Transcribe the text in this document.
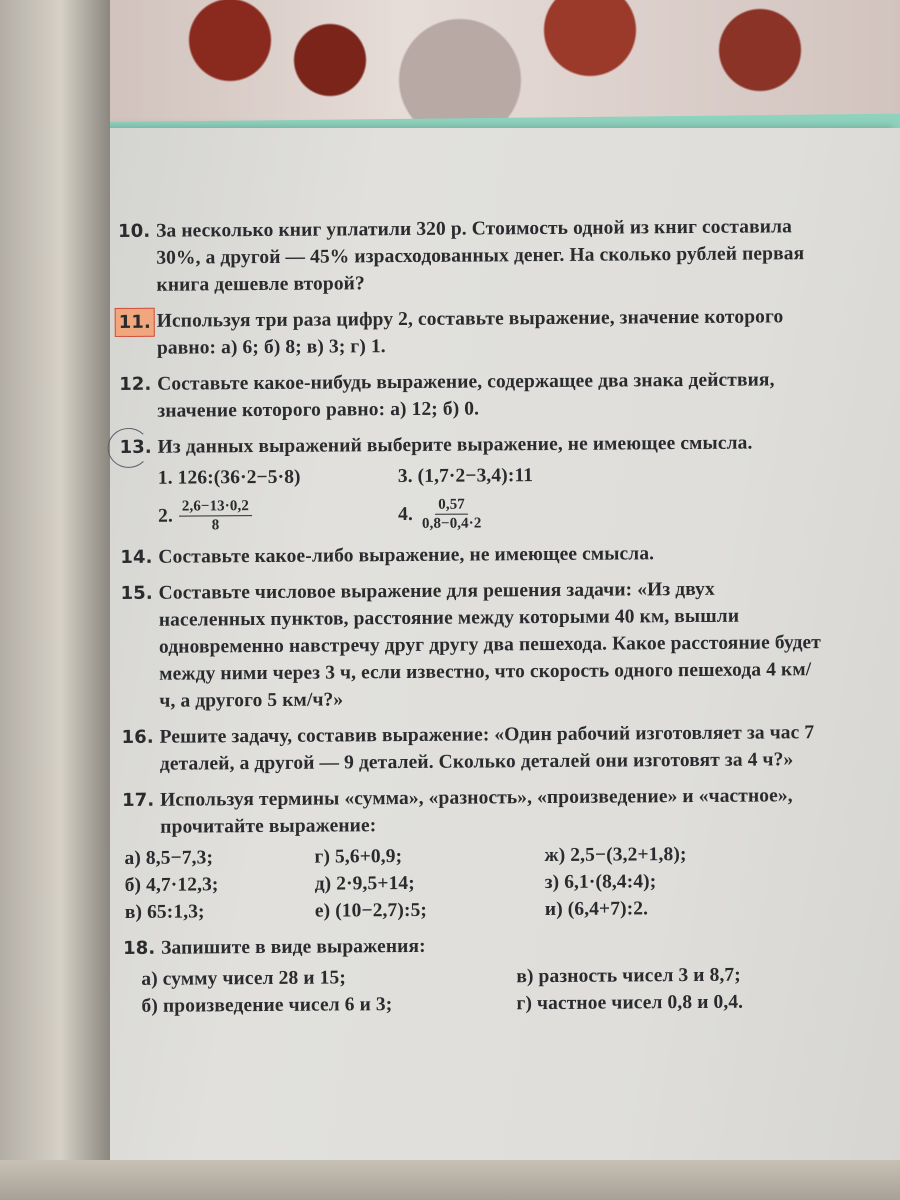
10. За несколько книг уплатили 320 р. Стоимость одной из книг составила 30%, а другой — 45% израсходованных денег. На сколько рублей первая книга дешевле второй?
11. Используя три раза цифру 2, составьте выражение, значение которого равно: а) 6; б) 8; в) 3; г) 1.
12. Составьте какое-нибудь выражение, содержащее два знака действия, значение которого равно: а) 12; б) 0.
13. Из данных выражений выберите выражение, не имеющее смысла.
1. 126:(36·2−5·8)	3. (1,7·2−3,4):11
2. $\frac{2,6-13\cdot 0,2}{8}$	4. $\frac{0,57}{0,8-0,4\cdot 2}$
14. Составьте какое-либо выражение, не имеющее смысла.
15. Составьте числовое выражение для решения задачи: «Из двух населенных пунктов, расстояние между которыми 40 км, вышли одновременно навстречу друг другу два пешехода. Какое расстояние будет между ними через 3 ч, если известно, что скорость одного пешехода 4 км/ч, а другого 5 км/ч?»
16. Решите задачу, составив выражение: «Один рабочий изготовляет за час 7 деталей, а другой — 9 деталей. Сколько деталей они изготовят за 4 ч?»
17. Используя термины «сумма», «разность», «произведение» и «частное», прочитайте выражение:
а) 8,5−7,3;	г) 5,6+0,9;	ж) 2,5−(3,2+1,8);
б) 4,7·12,3;	д) 2·9,5+14;	з) 6,1·(8,4:4);
в) 65:1,3;	е) (10−2,7):5;	и) (6,4+7):2.
18. Запишите в виде выражения:
а) сумму чисел 28 и 15;	в) разность чисел 3 и 8,7;
б) произведение чисел 6 и 3;	г) частное чисел 0,8 и 0,4.
